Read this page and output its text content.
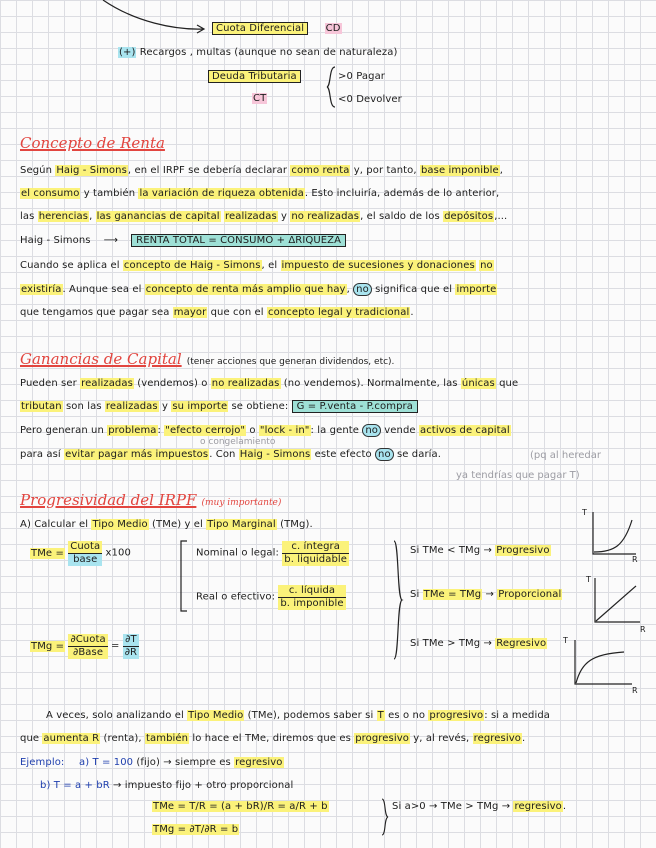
Cuota Diferencial CD
(+) Recargos , multas (aunque no sean de naturaleza)
Deuda Tributaria	>0 Pagar
<0 Devolver
CT
Concepto de Renta
Según Haig - Simons, en el IRPF se debería declarar como renta y, por tanto, base imponible,
el consumo y también la variación de riqueza obtenida. Esto incluiría, además de lo anterior,
las herencias, las ganancias de capital realizadas y no realizadas, el saldo de los depósitos,...
Haig - Simons ⟶ RENTA TOTAL = CONSUMO + ΔRIQUEZA
Cuando se aplica el concepto de Haig - Simons, el impuesto de sucesiones y donaciones no
existiría. Aunque sea el concepto de renta más amplio que hay, no significa que el importe
que tengamos que pagar sea mayor que con el concepto legal y tradicional.
Ganancias de Capital (tener acciones que generan dividendos, etc).
Pueden ser realizadas (vendemos) o no realizadas (no vendemos). Normalmente, las únicas que
tributan son las realizadas y su importe se obtiene: G = P.venta - P.compra
Pero generan un problema: "efecto cerrojo" o "lock - in": la gente no vende activos de capital
o congelamiento
para así evitar pagar más impuestos. Con Haig - Simons este efecto no se daría.	(pq al heredar
ya tendrías que pagar T)
Progresividad del IRPF (muy importante)
A) Calcular el Tipo Medio (TMe) y el Tipo Marginal (TMg).
TMe = $\frac{\text{Cuota}}{\text{base}} x100$	Nominal o legal: $\frac{\text{c. íntegra}}{\text{b. liquidable}}$
Real o efectivo: $\frac{\text{c. líquida}}{\text{b. imponible}}$
TMg = $\frac{\text{∂Cuota}}{\text{∂Base}} = \frac{\partial T}{\partial R}$
Si TMe < TMg → Progresivo
Si TMe = TMg → Proporcional
Si TMe > TMg → Regresivo
T
R
T
R
T
R
A veces, solo analizando el Tipo Medio (TMe), podemos saber si T es o no progresivo: si a medida
que aumenta R (renta), también lo hace el TMe, diremos que es progresivo y, al revés, regresivo.
Ejemplo: a) T = 100 (fijo) → siempre es regresivo
b) T = a + bR → impuesto fijo + otro proporcional
TMe = T/R = (a + bR)/R = a/R + b
TMg = ∂T/∂R = b
Si a>0 → TMe > TMg → regresivo.
